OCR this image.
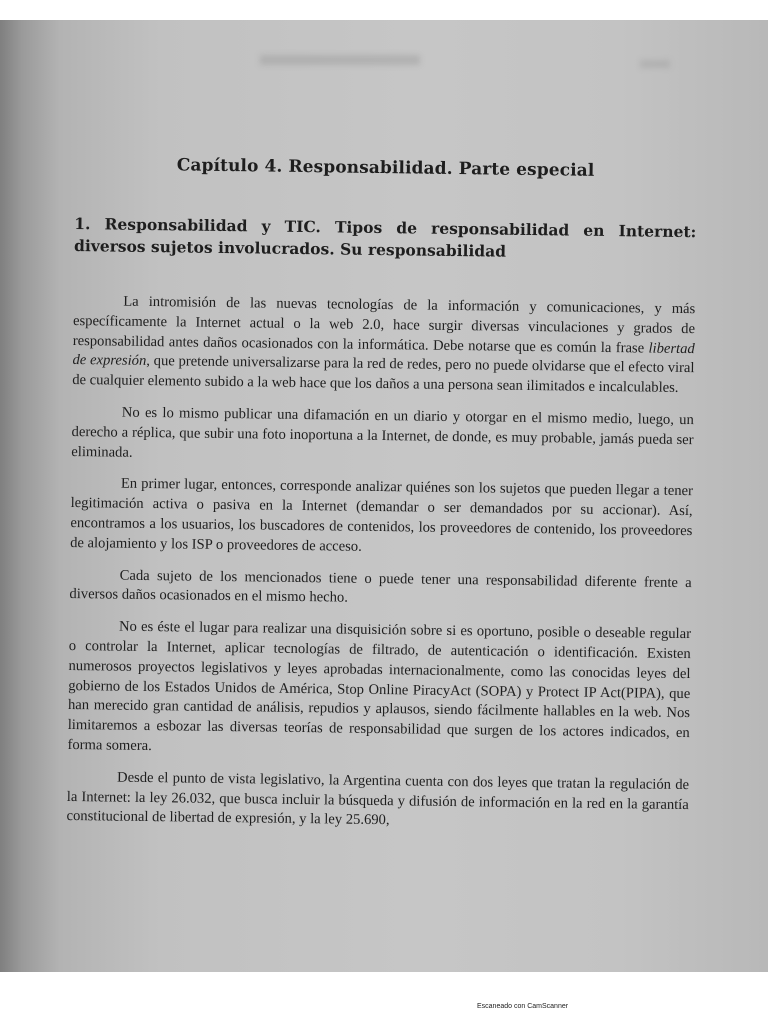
Capítulo 4. Responsabilidad. Parte especial
1. Responsabilidad y TIC. Tipos de responsabilidad en Internet: diversos sujetos involucrados. Su responsabilidad

La intromisión de las nuevas tecnologías de la información y comunicaciones, y más específicamente la Internet actual o la web 2.0, hace surgir diversas vinculaciones y grados de responsabilidad antes daños ocasionados con la informática. Debe notarse que es común la frase libertad de expresión, que pretende universalizarse para la red de redes, pero no puede olvidarse que el efecto viral de cualquier elemento subido a la web hace que los daños a una persona sean ilimitados e incalculables.

No es lo mismo publicar una difamación en un diario y otorgar en el mismo medio, luego, un derecho a réplica, que subir una foto inoportuna a la Internet, de donde, es muy probable, jamás pueda ser eliminada.

En primer lugar, entonces, corresponde analizar quiénes son los sujetos que pueden llegar a tener legitimación activa o pasiva en la Internet (demandar o ser demandados por su accionar). Así, encontramos a los usuarios, los buscadores de contenidos, los proveedores de contenido, los proveedores de alojamiento y los ISP o proveedores de acceso.

Cada sujeto de los mencionados tiene o puede tener una responsabilidad diferente frente a diversos daños ocasionados en el mismo hecho.

No es éste el lugar para realizar una disquisición sobre si es oportuno, posible o deseable regular o controlar la Internet, aplicar tecnologías de filtrado, de autenticación o identificación. Existen numerosos proyectos legislativos y leyes aprobadas internacionalmente, como las conocidas leyes del gobierno de los Estados Unidos de América, Stop Online PiracyAct (SOPA) y Protect IP Act(PIPA), que han merecido gran cantidad de análisis, repudios y aplausos, siendo fácilmente hallables en la web. Nos limitaremos a esbozar las diversas teorías de responsabilidad que surgen de los actores indicados, en forma somera.

Desde el punto de vista legislativo, la Argentina cuenta con dos leyes que tratan la regulación de la Internet: la ley 26.032, que busca incluir la búsqueda y difusión de información en la red en la garantía constitucional de libertad de expresión, y la ley 25.690,

Escaneado con CamScanner
